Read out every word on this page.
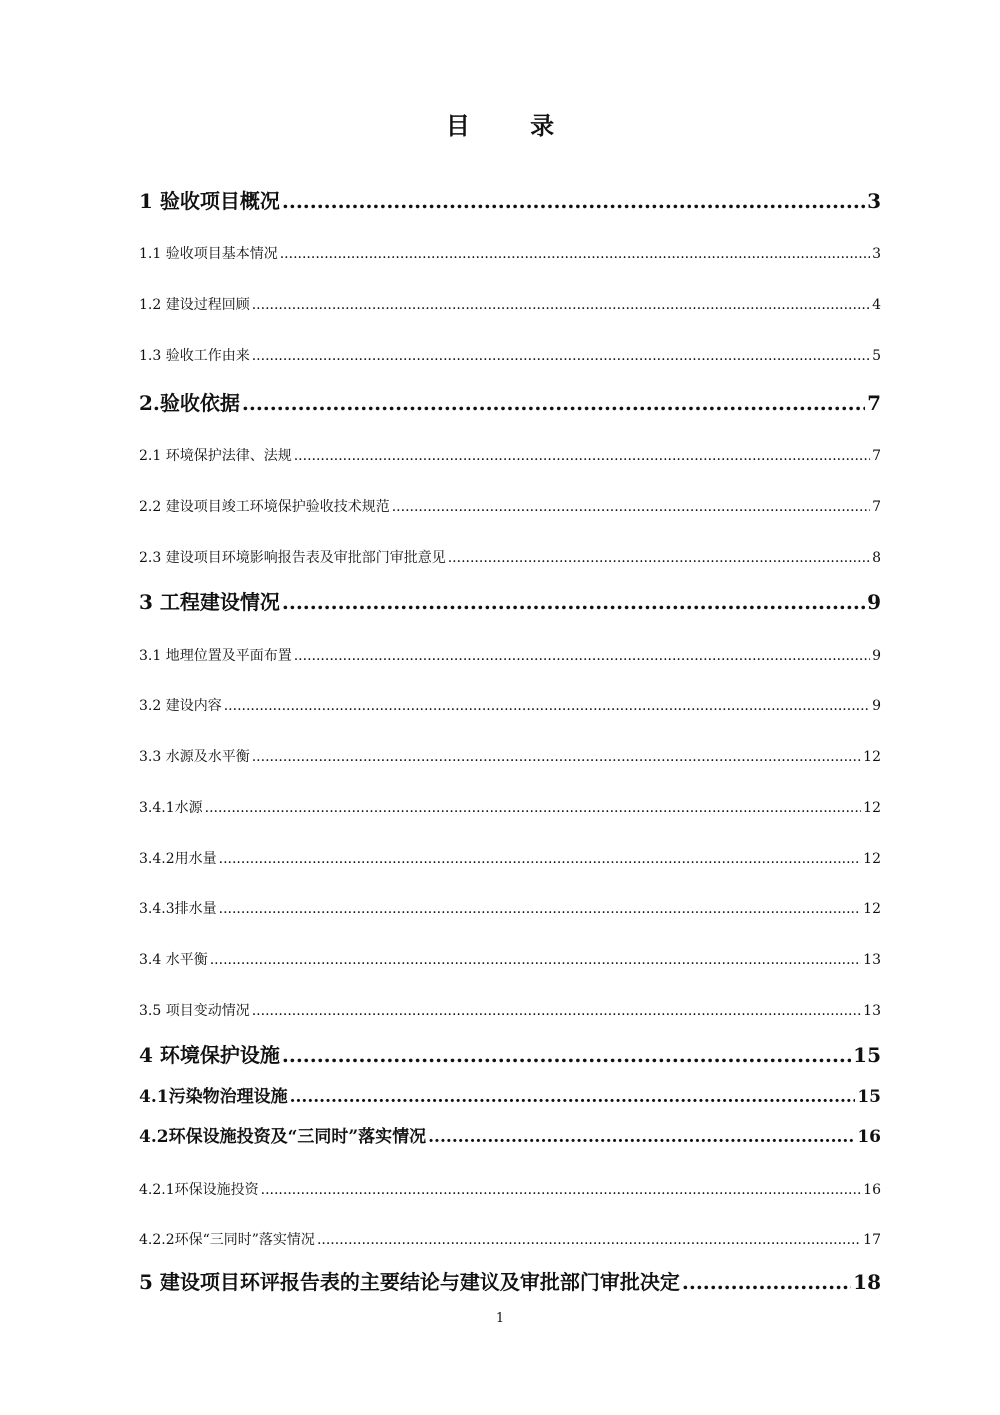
目 录
1 验收项目概况 .....	3
1.1 验收项目基本情况 .....	3
1.2 建设过程回顾 .....	4
1.3 验收工作由来 .....	5
2.验收依据 .....	7
2.1 环境保护法律、法规 .....	7
2.2 建设项目竣工环境保护验收技术规范 .....	7
2.3 建设项目环境影响报告表及审批部门审批意见 .....	8
3 工程建设情况 .....	9
3.1 地理位置及平面布置 .....	9
3.2 建设内容 .....	9
3.3 水源及水平衡 .....	12
3.4.1水源 .....	12
3.4.2用水量 .....	12
3.4.3排水量 .....	12
3.4 水平衡 .....	13
3.5 项目变动情况 .....	13
4 环境保护设施 .....	15
4.1污染物治理设施 .....	15
4.2环保设施投资及“三同时”落实情况 .....	16
4.2.1环保设施投资 .....	16
4.2.2环保“三同时”落实情况 .....	17
5 建设项目环评报告表的主要结论与建议及审批部门审批决定 .....	18
1
